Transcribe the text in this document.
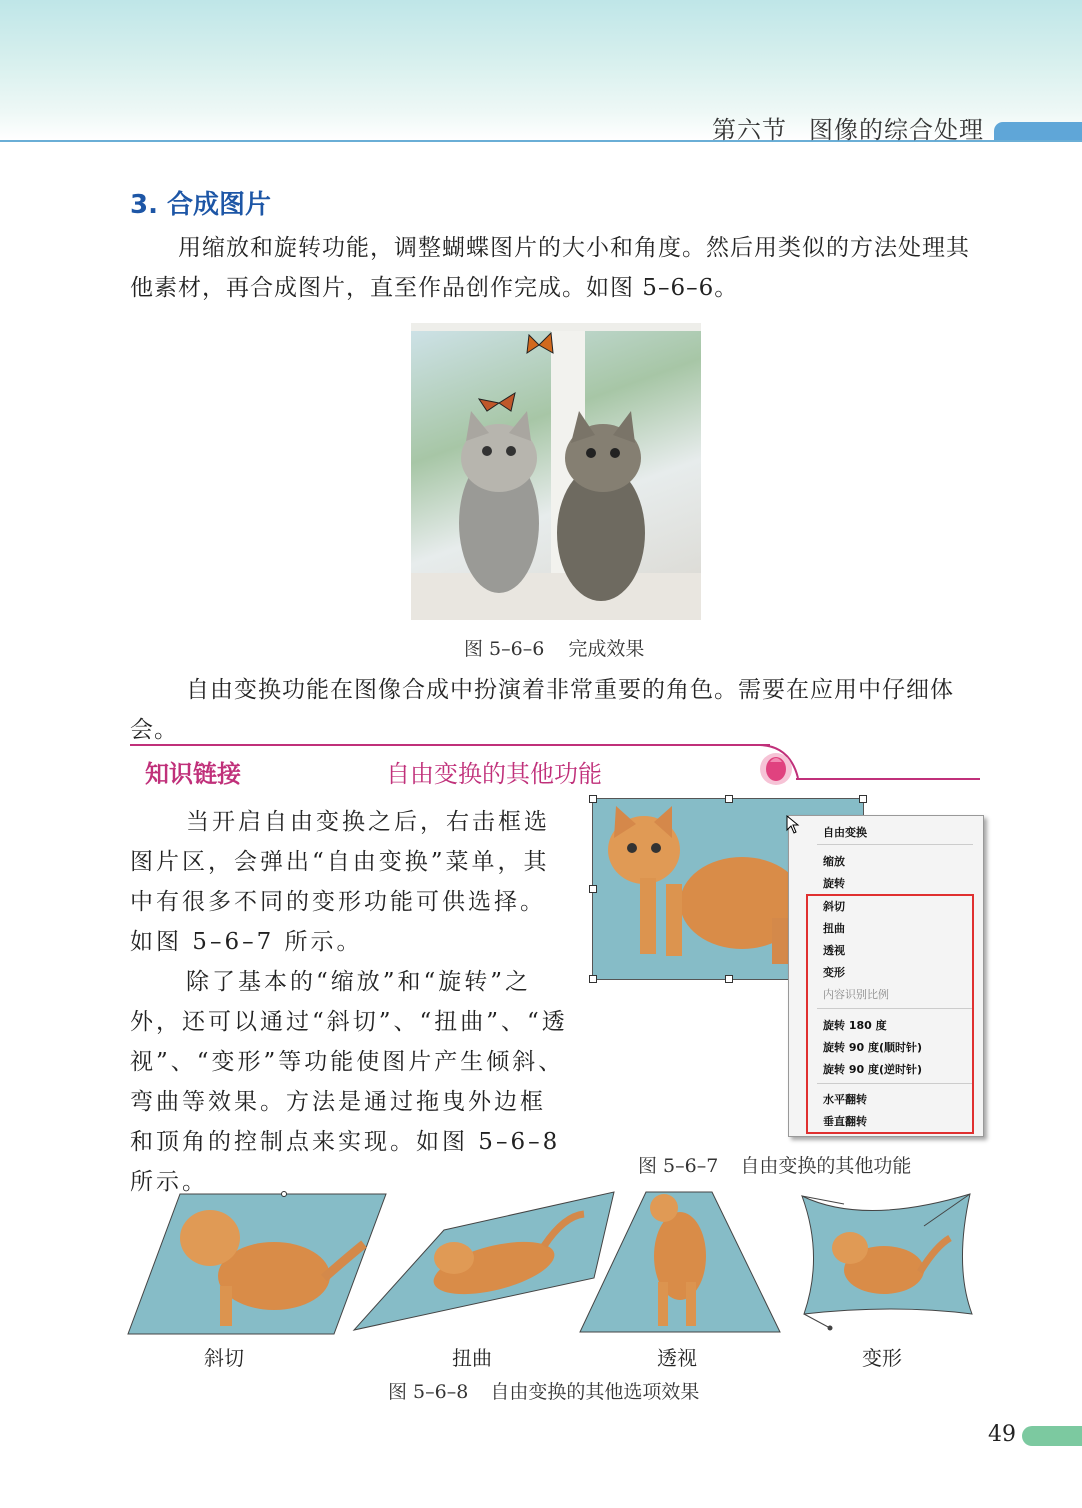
第六节 图像的综合处理
3. 合成图片
用缩放和旋转功能，调整蝴蝶图片的大小和角度。然后用类似的方法处理其他素材，再合成图片，直至作品创作完成。如图 5–6–6。
图 5–6–6 完成效果
自由变换功能在图像合成中扮演着非常重要的角色。需要在应用中仔细体会。
知识链接	自由变换的其他功能

当开启自由变换之后，右击框选图片区，会弹出“自由变换”菜单，其中有很多不同的变形功能可供选择。如图 5–6–7 所示。

除了基本的“缩放”和“旋转”之外，还可以通过“斜切”、“扭曲”、“透视”、“变形”等功能使图片产生倾斜、弯曲等效果。方法是通过拖曳外边框和顶角的控制点来实现。如图 5–6–8 所示。

自由变换
缩放
旋转
斜切
扭曲
透视
变形
内容识别比例
旋转 180 度
旋转 90 度(顺时针)
旋转 90 度(逆时针)
水平翻转
垂直翻转
图 5–6–7 自由变换的其他功能
斜切	扭曲	透视	变形
图 5–6–8 自由变换的其他选项效果
49
